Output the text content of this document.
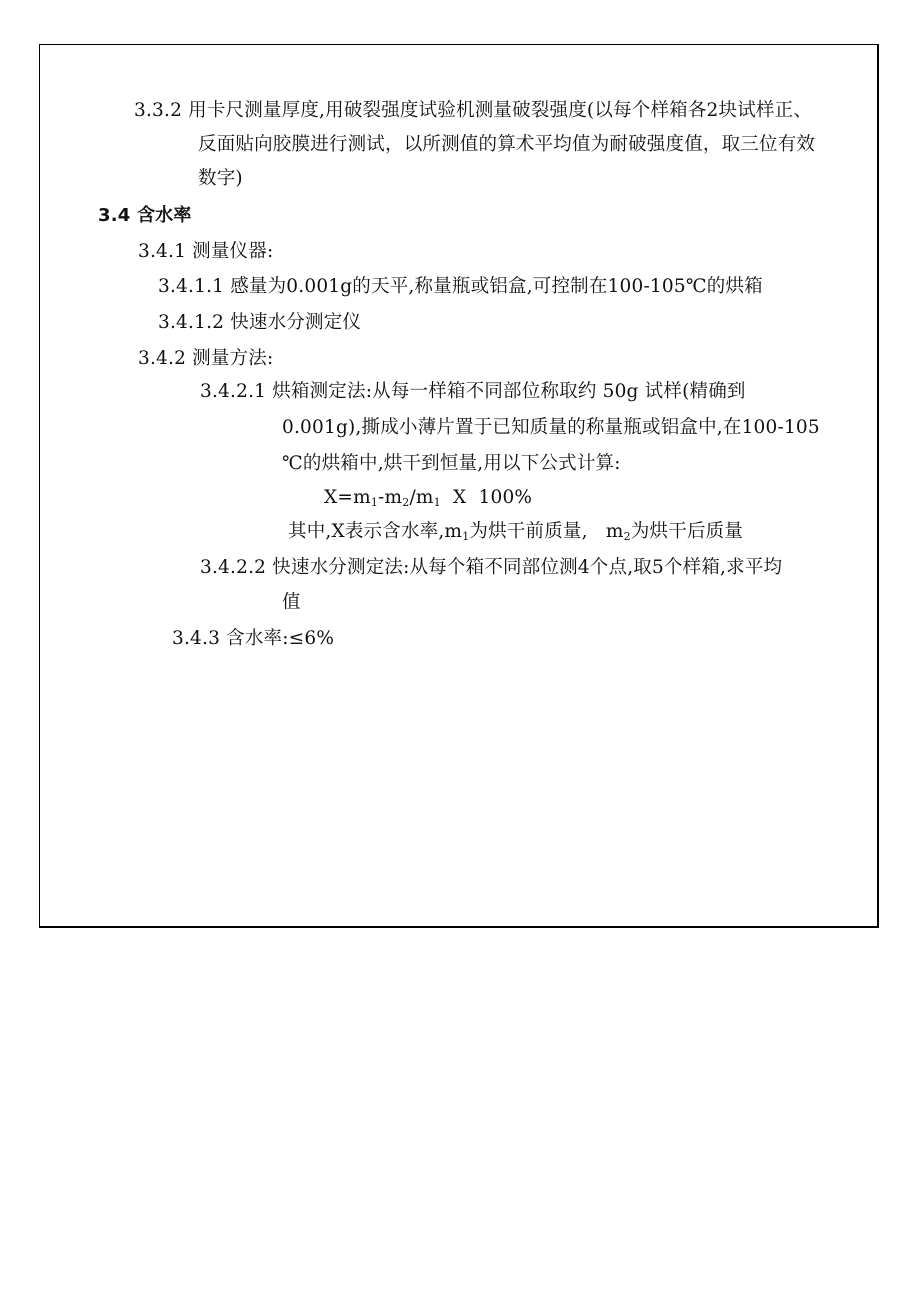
3.3.2 用卡尺测量厚度,用破裂强度试验机测量破裂强度(以每个样箱各2块试样正、
反面贴向胶膜进行测试，以所测值的算术平均值为耐破强度值，取三位有效
数字)
3.4 含水率
3.4.1 测量仪器:
3.4.1.1 感量为0.001g的天平,称量瓶或铝盒,可控制在100-105℃的烘箱
3.4.1.2 快速水分测定仪
3.4.2 测量方法:
3.4.2.1 烘箱测定法:从每一样箱不同部位称取约 50g 试样(精确到
0.001g),撕成小薄片置于已知质量的称量瓶或铝盒中,在100-105
℃的烘箱中,烘干到恒量,用以下公式计算:
$X=m_1-m_2/m_1$  X  100%
其中,X表示含水率$,m_1$为烘干前质量,   $m_2$为烘干后质量
3.4.2.2 快速水分测定法:从每个箱不同部位测4个点,取5个样箱,求平均
值
3.4.3 含水率:≤6%
